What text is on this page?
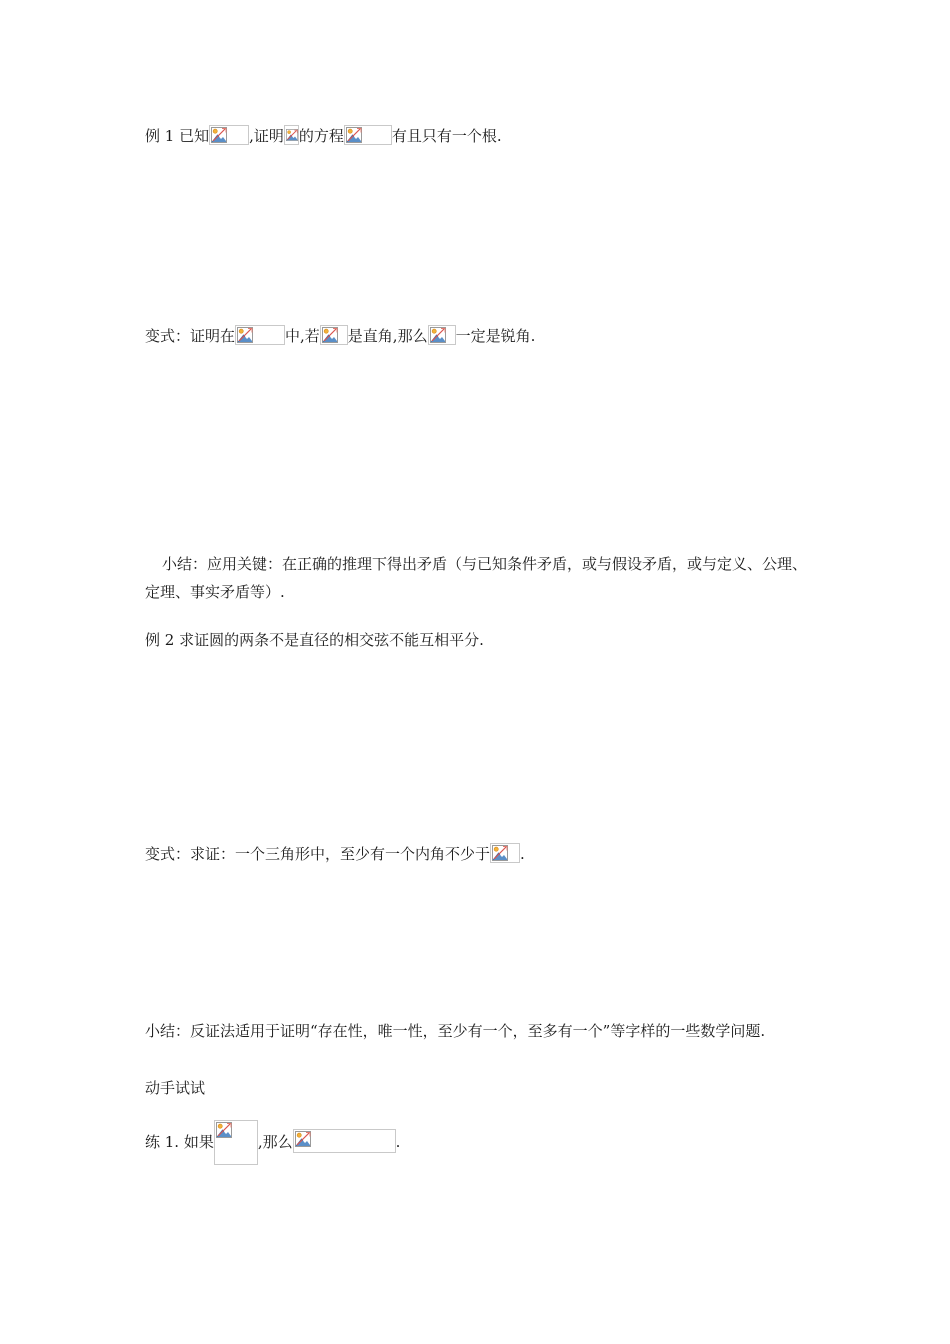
例 1 已知	,证明 的方程	有且只有一个根.
变式：证明在	中,若 是直角,那么 一定是锐角.
小结：应用关键：在正确的推理下得出矛盾（与已知条件矛盾，或与假设矛盾，或与定义、公理、定理、事实矛盾等）.
例 2 求证圆的两条不是直径的相交弦不能互相平分.
变式：求证：一个三角形中，至少有一个内角不少于 .
小结：反证法适用于证明“存在性，唯一性，至少有一个，至多有一个”等字样的一些数学问题.
动手试试
练 1. 如果	,那么	.
